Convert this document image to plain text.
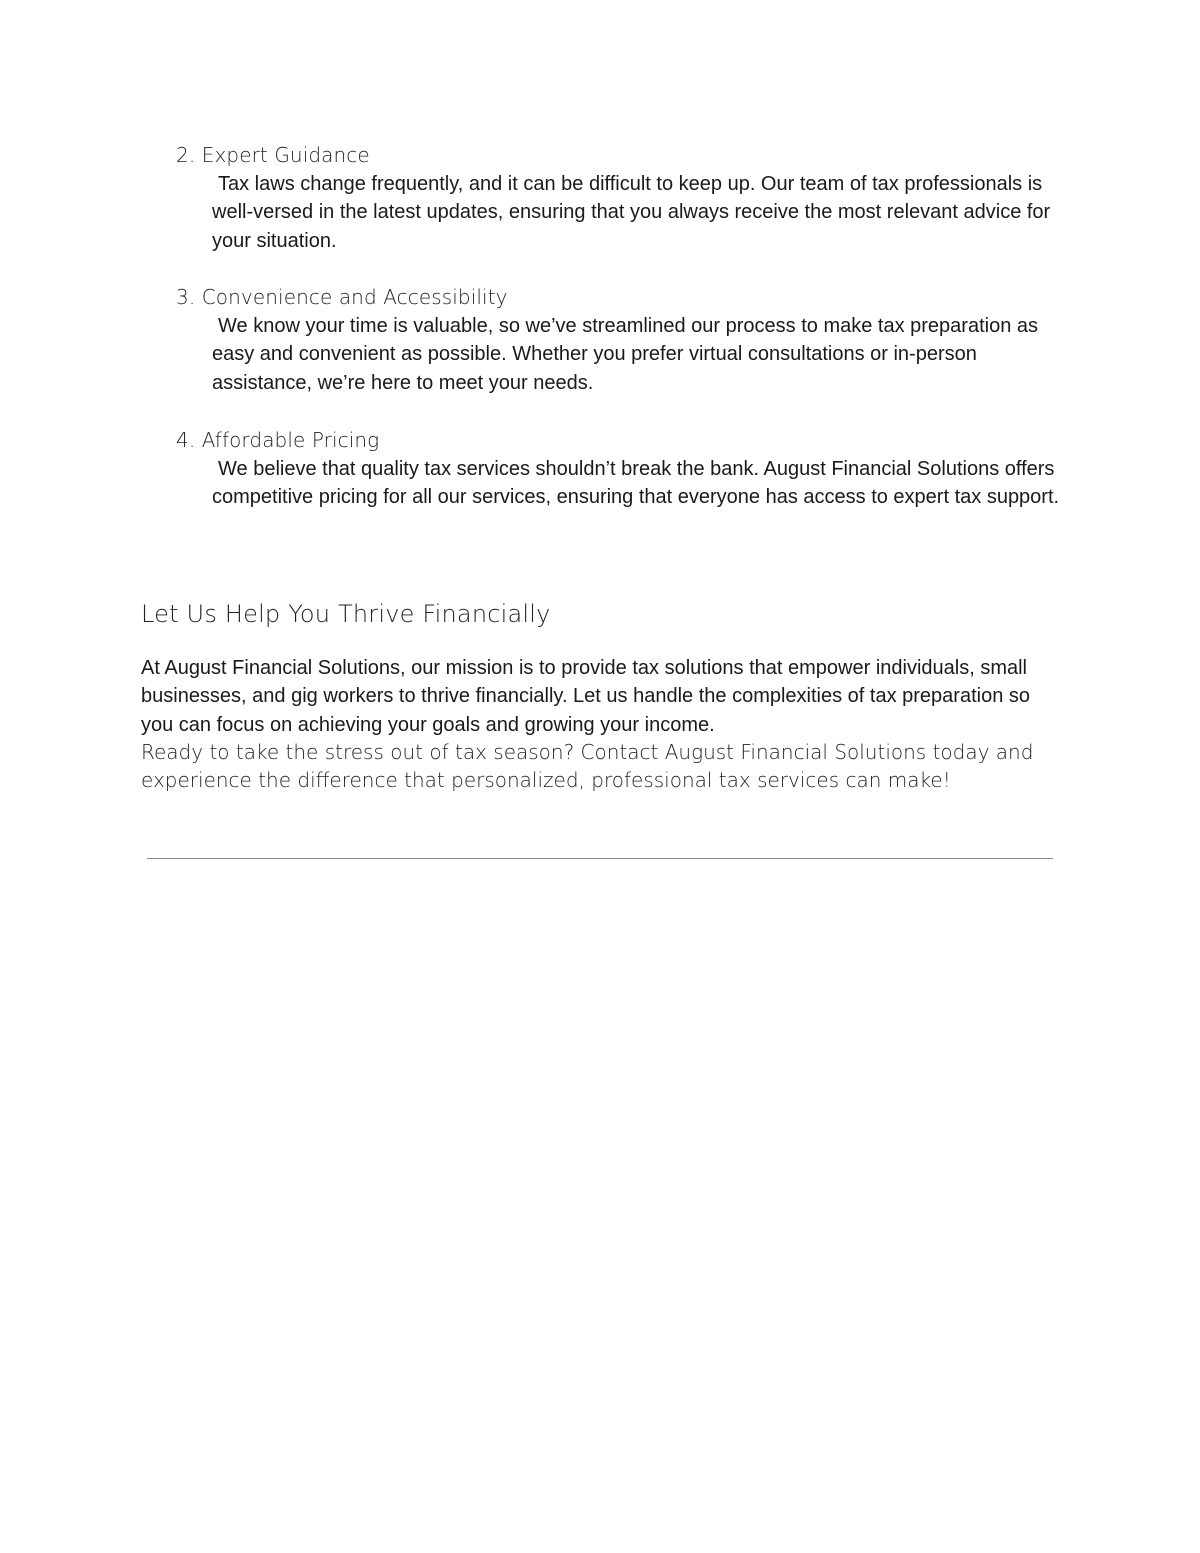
2. Expert Guidance

Tax laws change frequently, and it can be difficult to keep up. Our team of tax professionals is well-versed in the latest updates, ensuring that you always receive the most relevant advice for your situation.

3. Convenience and Accessibility

We know your time is valuable, so we’ve streamlined our process to make tax preparation as easy and convenient as possible. Whether you prefer virtual consultations or in-person assistance, we’re here to meet your needs.

4. Affordable Pricing

We believe that quality tax services shouldn’t break the bank. August Financial Solutions offers competitive pricing for all our services, ensuring that everyone has access to expert tax support.

Let Us Help You Thrive Financially

At August Financial Solutions, our mission is to provide tax solutions that empower individuals, small businesses, and gig workers to thrive financially. Let us handle the complexities of tax preparation so you can focus on achieving your goals and growing your income.

Ready to take the stress out of tax season? Contact August Financial Solutions today and experience the difference that personalized, professional tax services can make!
